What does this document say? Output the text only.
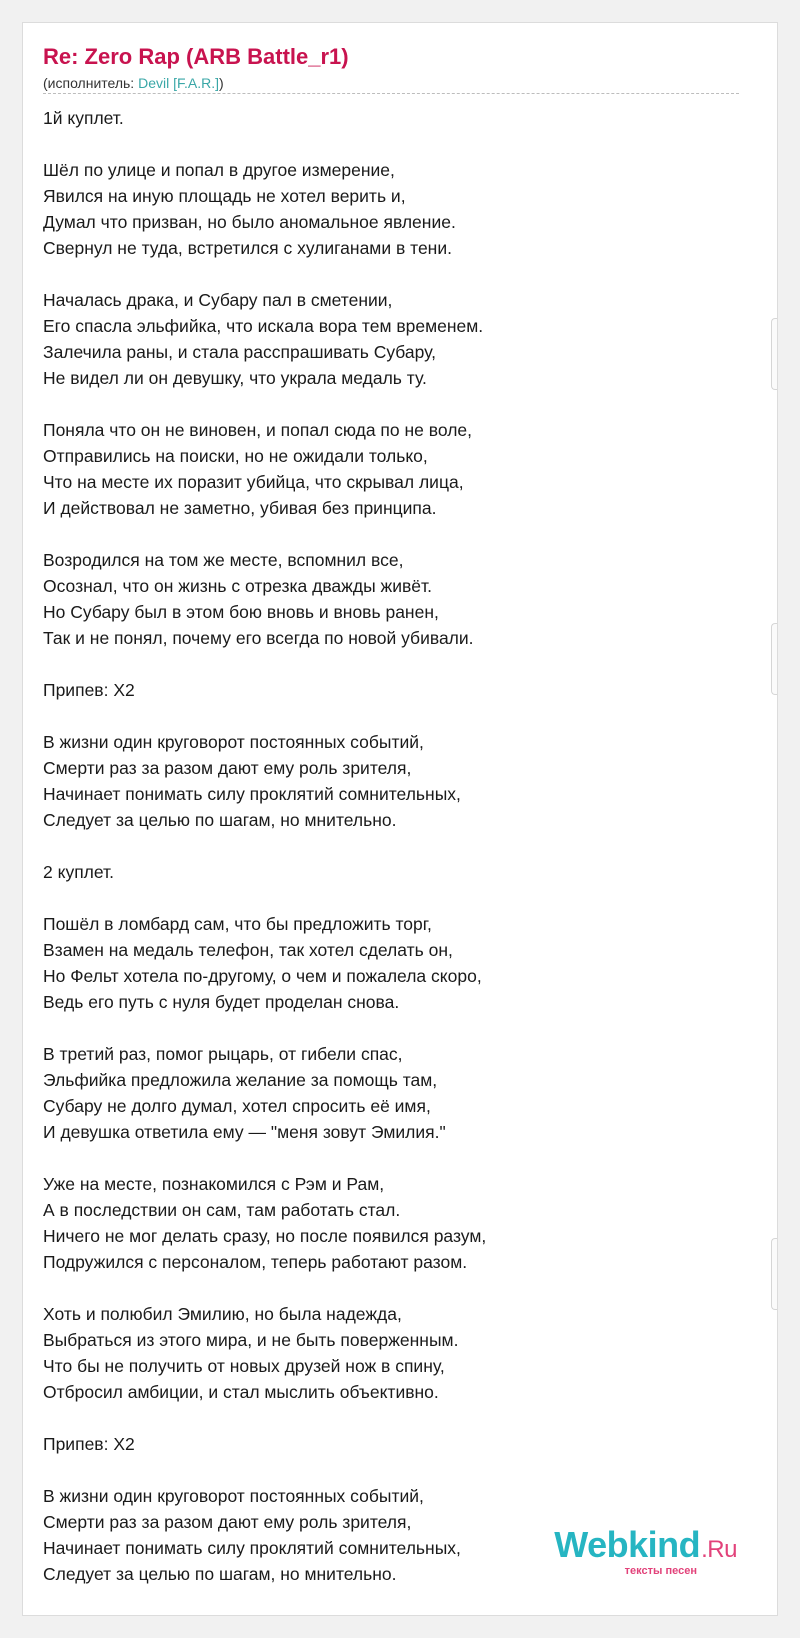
Re: Zero Rap (ARB Battle_r1)
(исполнитель: Devil [F.A.R.])
1й куплет.
Шёл по улице и попал в другое измерение,
Явился на иную площадь не хотел верить и,
Думал что призван, но было аномальное явление.
Свернул не туда, встретился с хулиганами в тени.
Началась драка, и Субару пал в сметении,
Его спасла эльфийка, что искала вора тем временем.
Залечила раны, и стала расспрашивать Субару,
Не видел ли он девушку, что украла медаль ту.
Поняла что он не виновен, и попал сюда по не воле,
Отправились на поиски, но не ожидали только,
Что на месте их поразит убийца, что скрывал лица,
И действовал не заметно, убивая без принципа.
Возродился на том же месте, вспомнил все,
Осознал, что он жизнь с отрезка дважды живёт.
Но Субару был в этом бою вновь и вновь ранен,
Так и не понял, почему его всегда по новой убивали.
Припев: Х2
В жизни один круговорот постоянных событий,
Смерти раз за разом дают ему роль зрителя,
Начинает понимать силу проклятий сомнительных,
Следует за целью по шагам, но мнительно.
2 куплет.
Пошёл в ломбард сам, что бы предложить торг,
Взамен на медаль телефон, так хотел сделать он,
Но Фельт хотела по-другому, о чем и пожалела скоро,
Ведь его путь с нуля будет проделан снова.
В третий раз, помог рыцарь, от гибели спас,
Эльфийка предложила желание за помощь там,
Субару не долго думал, хотел спросить её имя,
И девушка ответила ему — "меня зовут Эмилия."
Уже на месте, познакомился с Рэм и Рам,
А в последствии он сам, там работать стал.
Ничего не мог делать сразу, но после появился разум,
Подружился с персоналом, теперь работают разом.
Хоть и полюбил Эмилию, но была надежда,
Выбраться из этого мира, и не быть поверженным.
Что бы не получить от новых друзей нож в спину,
Отбросил амбиции, и стал мыслить объективно.
Припев: Х2
В жизни один круговорот постоянных событий,
Смерти раз за разом дают ему роль зрителя,
Начинает понимать силу проклятий сомнительных,
Следует за целью по шагам, но мнительно.
Webkind.Ru
тексты песен
